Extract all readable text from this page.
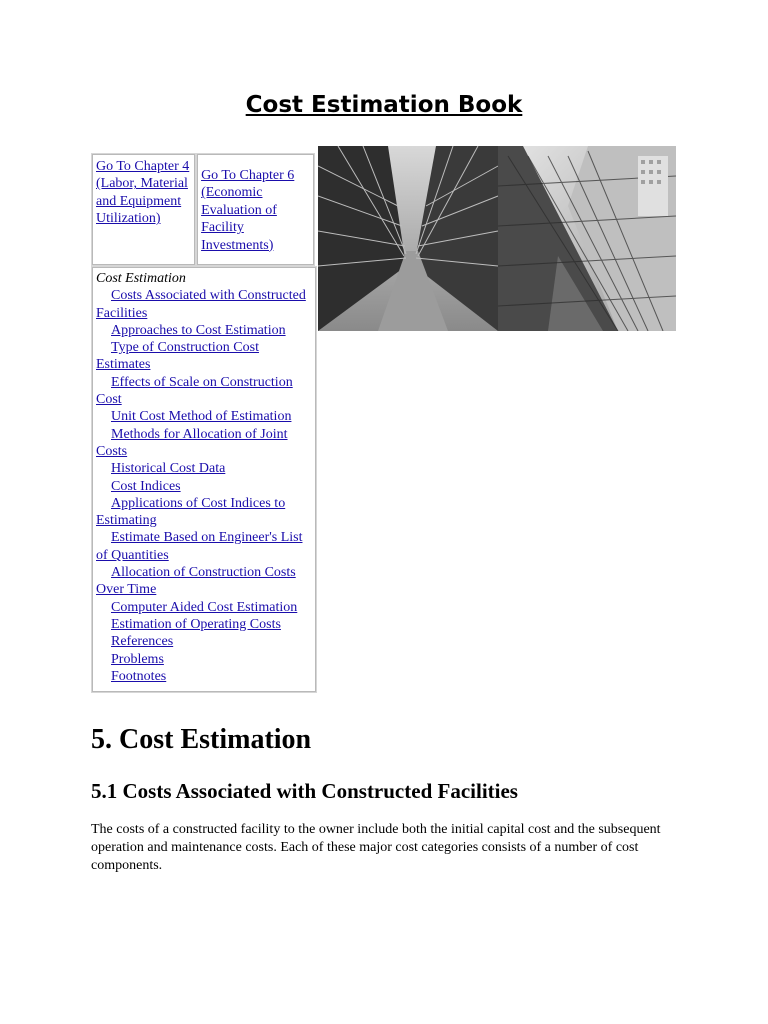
Cost Estimation Book
Go To Chapter 4 (Labor, Material and Equipment Utilization)
Go To Chapter 6 (Economic Evaluation of Facility Investments)
Cost Estimation
Costs Associated with Constructed Facilities
Approaches to Cost Estimation
Type of Construction Cost Estimates
Effects of Scale on Construction Cost
Unit Cost Method of Estimation
Methods for Allocation of Joint Costs
Historical Cost Data
Cost Indices
Applications of Cost Indices to Estimating
Estimate Based on Engineer's List of Quantities
Allocation of Construction Costs Over Time
Computer Aided Cost Estimation
Estimation of Operating Costs
References
Problems
Footnotes
5. Cost Estimation
5.1 Costs Associated with Constructed Facilities

The costs of a constructed facility to the owner include both the initial capital cost and the subsequent operation and maintenance costs. Each of these major cost categories consists of a number of cost components.
